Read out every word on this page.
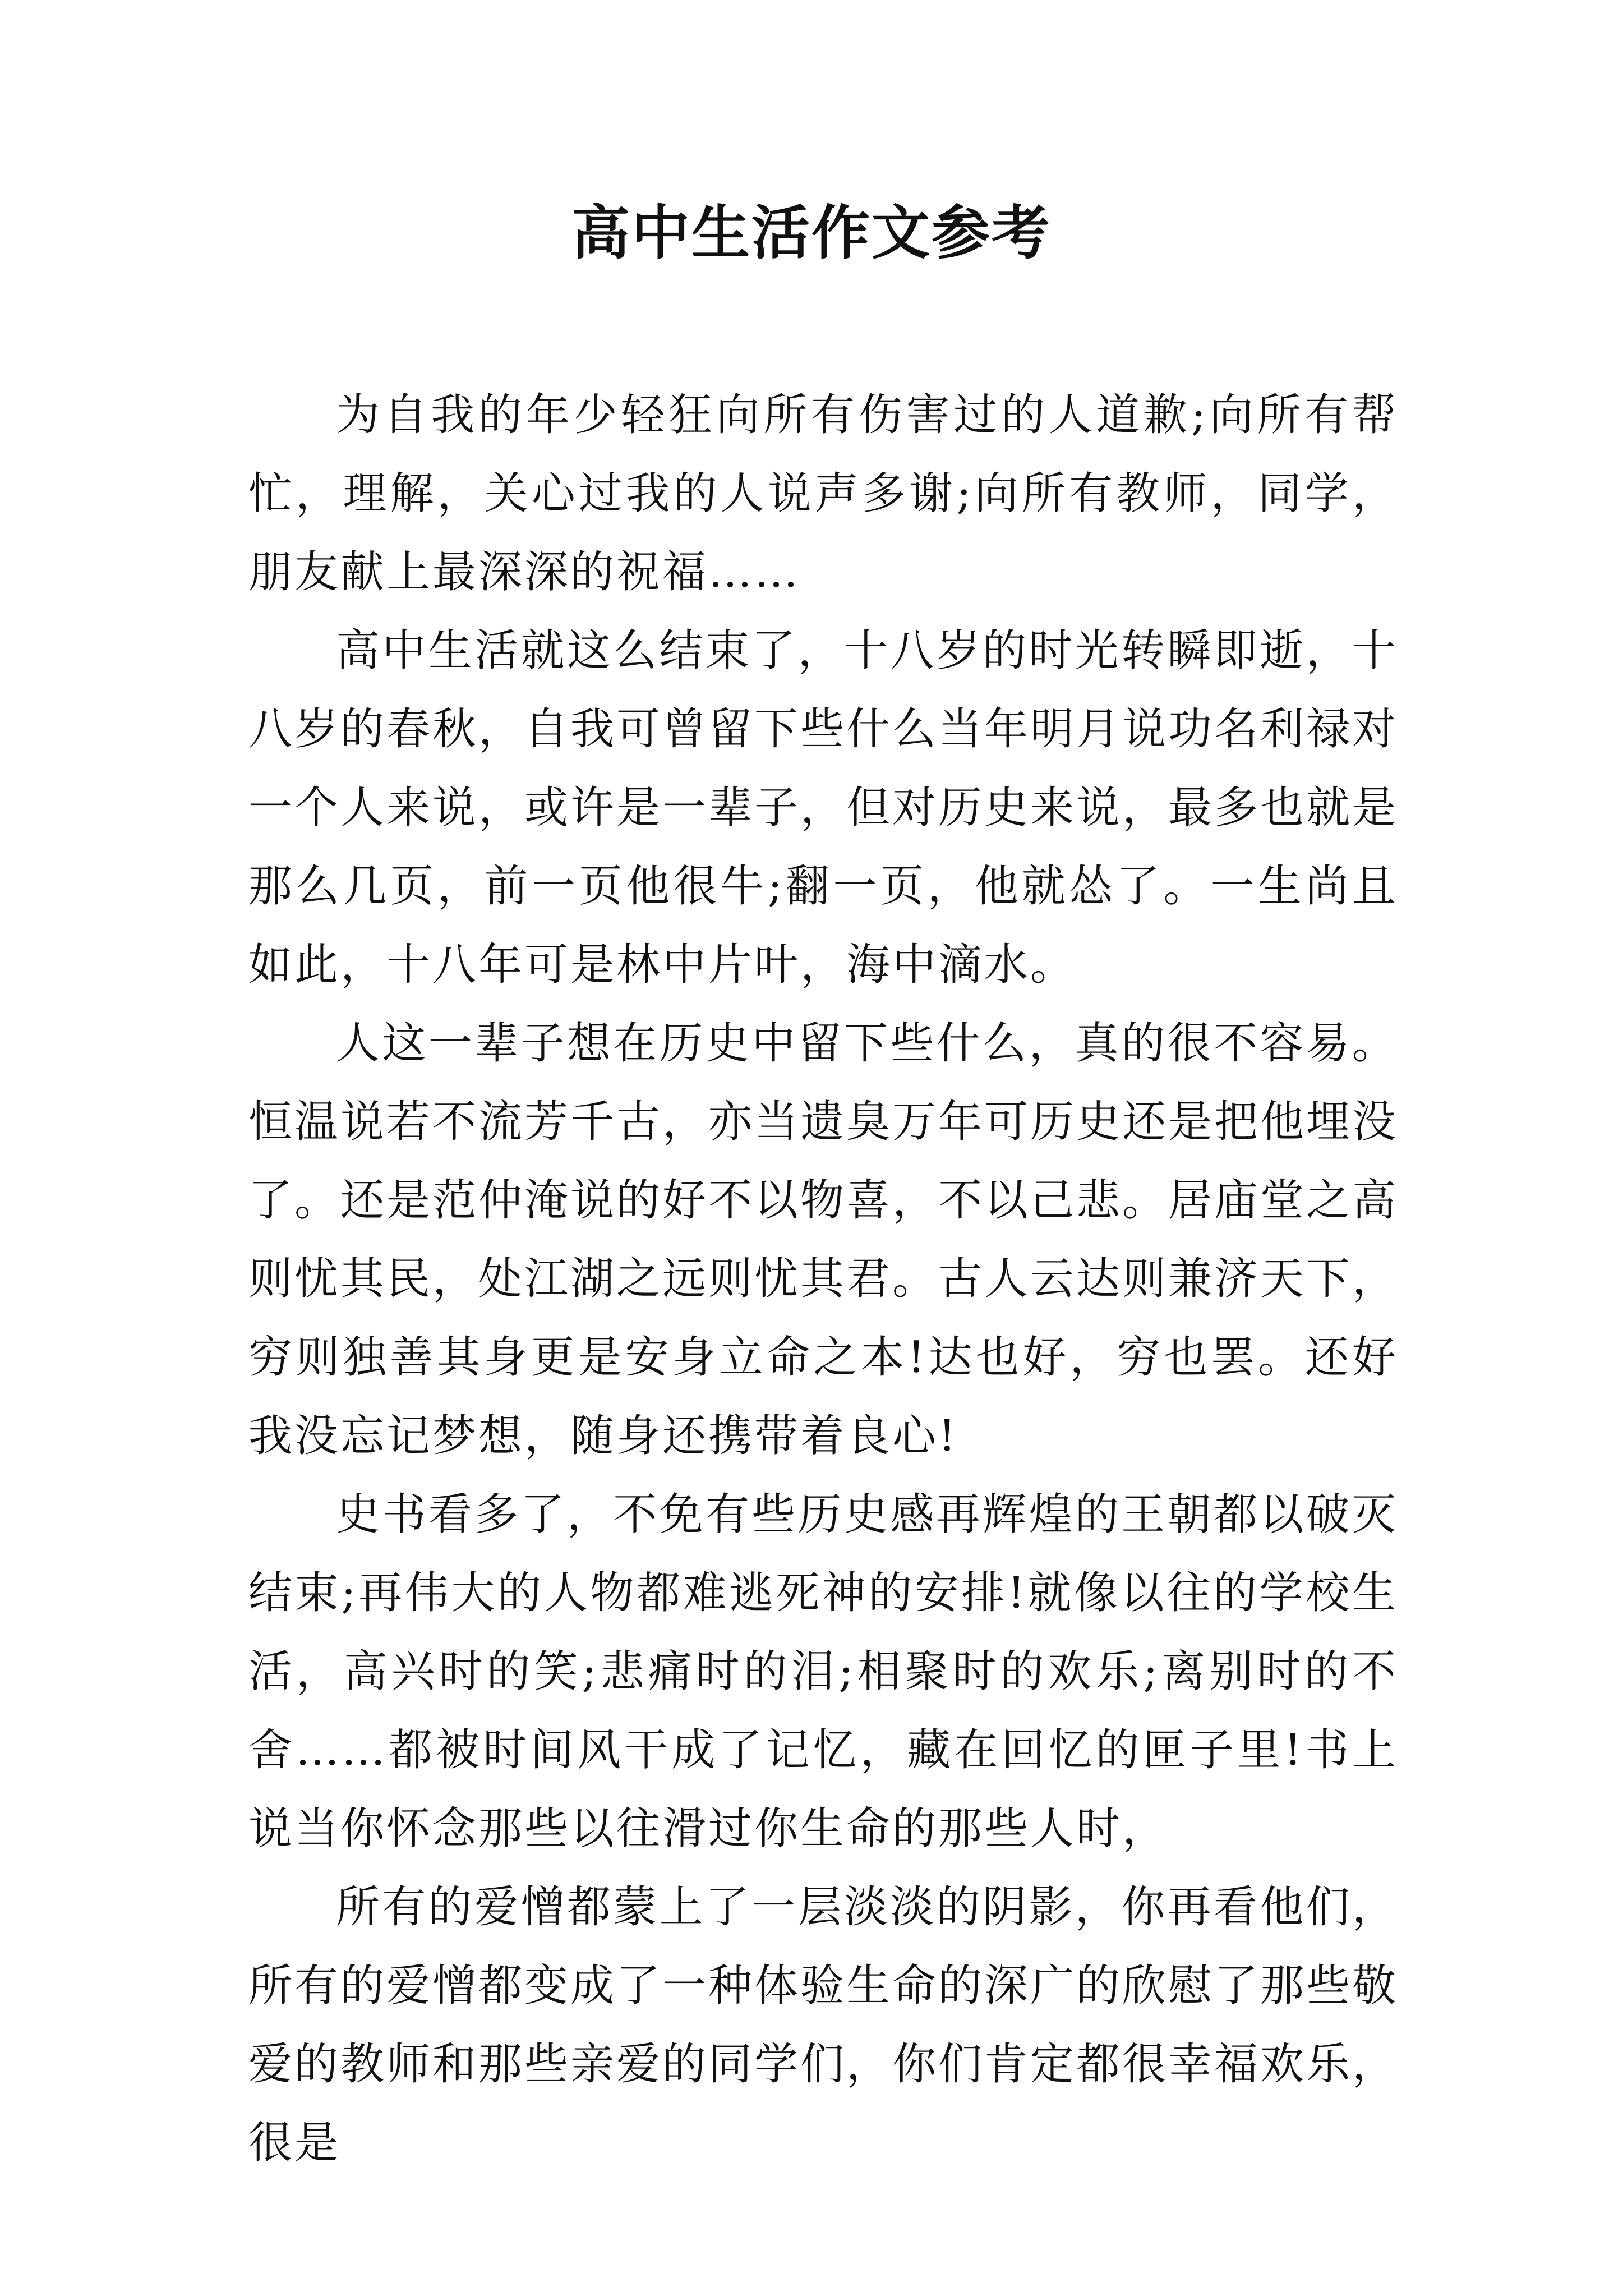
高中生活作文参考

为自我的年少轻狂向所有伤害过的人道歉;向所有帮忙，理解，关心过我的人说声多谢;向所有教师，同学，朋友献上最深深的祝福……

高中生活就这么结束了，十八岁的时光转瞬即逝，十八岁的春秋，自我可曾留下些什么当年明月说功名利禄对一个人来说，或许是一辈子，但对历史来说，最多也就是那么几页，前一页他很牛;翻一页，他就怂了。一生尚且如此，十八年可是林中片叶，海中滴水。

人这一辈子想在历史中留下些什么，真的很不容易。恒温说若不流芳千古，亦当遗臭万年可历史还是把他埋没了。还是范仲淹说的好不以物喜，不以己悲。居庙堂之高则忧其民，处江湖之远则忧其君。古人云达则兼济天下，穷则独善其身更是安身立命之本!达也好，穷也罢。还好我没忘记梦想，随身还携带着良心!

史书看多了，不免有些历史感再辉煌的王朝都以破灭结束;再伟大的人物都难逃死神的安排!就像以往的学校生活，高兴时的笑;悲痛时的泪;相聚时的欢乐;离别时的不舍……都被时间风干成了记忆，藏在回忆的匣子里!书上说当你怀念那些以往滑过你生命的那些人时，

所有的爱憎都蒙上了一层淡淡的阴影，你再看他们，所有的爱憎都变成了一种体验生命的深广的欣慰了那些敬爱的教师和那些亲爱的同学们，你们肯定都很幸福欢乐，很是
